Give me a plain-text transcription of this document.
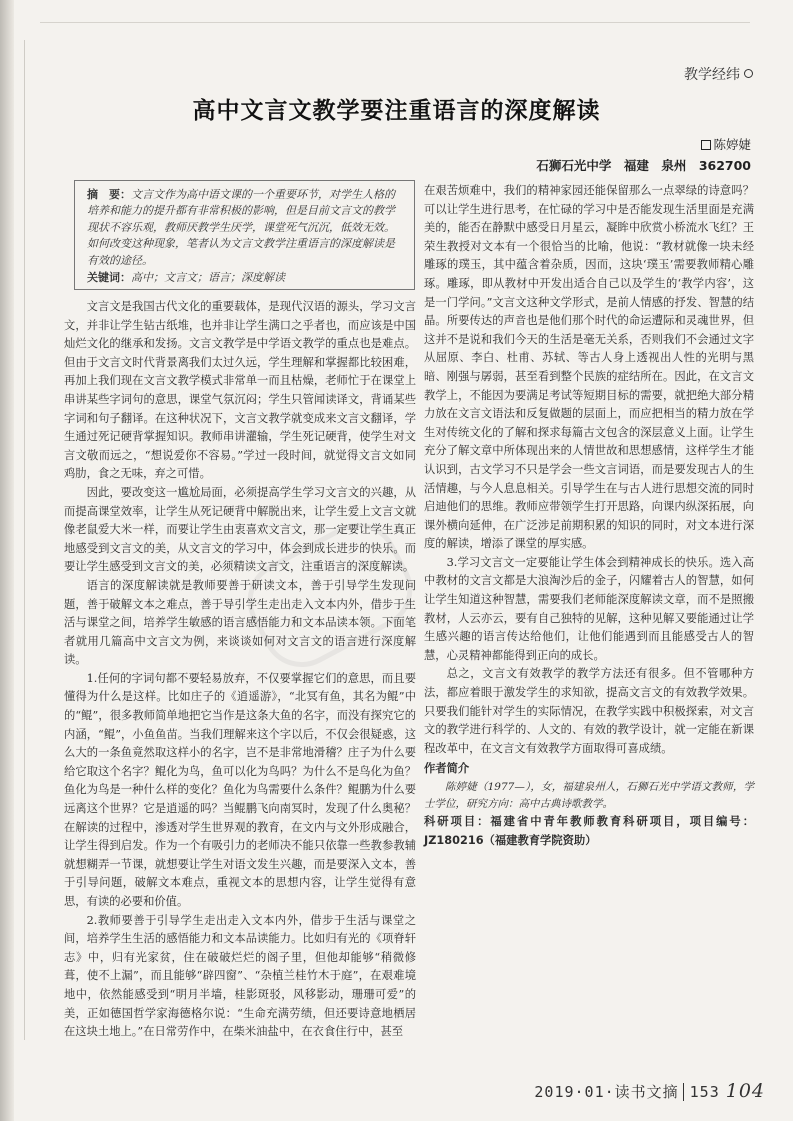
教学经纬
高中文言文教学要注重语言的深度解读
陈婷婕
石狮石光中学　福建　泉州　362700
摘　要：文言文作为高中语文课的一个重要环节，对学生人格的培养和能力的提升都有非常积极的影响，但是目前文言文的教学现状不容乐观，教师厌教学生厌学，课堂死气沉沉，低效无效。如何改变这种现象，笔者认为文言文教学注重语言的深度解读是有效的途径。
关键词：高中；文言文；语言；深度解读

文言文是我国古代文化的重要载体，是现代汉语的源头，学习文言文，并非让学生钻古纸堆，也并非让学生满口之乎者也，而应该是中国灿烂文化的继承和发扬。文言文教学是中学语文教学的重点也是难点。但由于文言文时代背景离我们太过久远，学生理解和掌握都比较困难，再加上我们现在文言文教学模式非常单一而且枯燥，老师忙于在课堂上串讲某些字词句的意思，课堂气氛沉闷；学生只管闻读译文，背诵某些字词和句子翻译。在这种状况下，文言文教学就变成来文言文翻译，学生通过死记硬背掌握知识。教师串讲灌输，学生死记硬背，使学生对文言文敬而远之，“想说爱你不容易。”学过一段时间，就觉得文言文如同鸡肋，食之无味，弃之可惜。

因此，要改变这一尴尬局面，必须提高学生学习文言文的兴趣，从而提高课堂效率，让学生从死记硬背中解脱出来，让学生爱上文言文就像老鼠爱大米一样，而要让学生由衷喜欢文言文，那一定要让学生真正地感受到文言文的美，从文言文的学习中，体会到成长进步的快乐。而要让学生感受到文言文的美，必须精读文言文，注重语言的深度解读。

语言的深度解读就是教师要善于研读文本，善于引导学生发现问题，善于破解文本之难点，善于导引学生走出走入文本内外，借步于生活与课堂之间，培养学生敏感的语言感悟能力和文本品读本领。下面笔者就用几篇高中文言文为例，来谈谈如何对文言文的语言进行深度解读。

1.任何的字词句都不要轻易放弃，不仅要掌握它们的意思，而且要懂得为什么是这样。比如庄子的《逍遥游》，“北冥有鱼，其名为鲲”中的“鲲”，很多教师简单地把它当作是这条大鱼的名字，而没有探究它的内涵，“鲲”，小鱼鱼苗。当我们理解来这个字以后，不仅会很疑惑，这么大的一条鱼竟然取这样小的名字，岂不是非常地滑稽？庄子为什么要给它取这个名字？鲲化为鸟，鱼可以化为鸟吗？为什么不是鸟化为鱼？鱼化为鸟是一种什么样的变化？鱼化为鸟需要什么条件？鲲鹏为什么要远离这个世界？它是逍遥的吗？当鲲鹏飞向南冥时，发现了什么奥秘？在解读的过程中，渗透对学生世界观的教育，在文内与文外形成融合，让学生得到启发。作为一个有吸引力的老师决不能只依靠一些教参教辅就想糊弄一节课，就想要让学生对语文发生兴趣，而是要深入文本，善于引导问题，破解文本难点，重视文本的思想内容，让学生觉得有意思，有读的必要和价值。

2.教师要善于引导学生走出走入文本内外，借步于生活与课堂之间，培养学生生活的感悟能力和文本品读能力。比如归有光的《项脊轩志》中，归有光家贫，住在破破烂烂的阁子里，但他却能够“稍微修葺，使不上漏”，而且能够“辟四窗”、“杂植兰桂竹木于庭”，在艰难境地中，依然能感受到“明月半墙，桂影斑驳，风移影动，珊珊可爱”的美，正如德国哲学家海德格尔说：“生命充满劳绩，但还要诗意地栖居在这块土地上。”在日常劳作中，在柴米油盐中，在衣食住行中，甚至

在艰苦烦难中，我们的精神家园还能保留那么一点翠绿的诗意吗？可以让学生进行思考，在忙碌的学习中是否能发现生活里面是充满美的，能否在静默中感受日月星云，凝眸中欣赏小桥流水飞红？王荣生教授对文本有一个很恰当的比喻，他说：“教材就像一块未经雕琢的璞玉，其中蕴含着杂质，因而，这块‘璞玉’需要教师精心雕琢。雕琢，即从教材中开发出适合自己以及学生的‘教学内容’，这是一门学问。”文言文这种文学形式，是前人情感的抒发、智慧的结晶。所要传达的声音也是他们那个时代的命运遭际和灵魂世界，但这并不是说和我们今天的生活是毫无关系，否则我们不会通过文字从屈原、李白、杜甫、苏轼、等古人身上透视出人性的光明与黑暗、刚强与孱弱，甚至看到整个民族的症结所在。因此，在文言文教学上，不能因为要满足考试等短期目标的需要，就把绝大部分精力放在文言文语法和反复做题的层面上，而应把相当的精力放在学生对传统文化的了解和探求每篇古文包含的深层意义上面。让学生充分了解文章中所体现出来的人情世故和思想感情，这样学生才能认识到，古文学习不只是学会一些文言词语，而是要发现古人的生活情趣，与今人息息相关。引导学生在与古人进行思想交流的同时启迪他们的思维。教师应带领学生打开思路，向课内纵深拓展，向课外横向延伸，在广泛涉足前期积累的知识的同时，对文本进行深度的解读，增添了课堂的厚实感。

3.学习文言文一定要能让学生体会到精神成长的快乐。选入高中教材的文言文都是大浪淘沙后的金子，闪耀着古人的智慧，如何让学生知道这种智慧，需要我们老师能深度解读文章，而不是照搬教材，人云亦云，要有自己独特的见解，这种见解又要能通过让学生感兴趣的语言传达给他们，让他们能遇到而且能感受古人的智慧，心灵精神都能得到正向的成长。

总之，文言文有效教学的教学方法还有很多。但不管哪种方法，都应着眼于激发学生的求知欲，提高文言文的有效教学效果。只要我们能针对学生的实际情况，在教学实践中积极探索，对文言文的教学进行科学的、人文的、有效的教学设计，就一定能在新课程改革中，在文言文有效教学方面取得可喜成绩。

作者简介

陈婷婕（1977—），女，福建泉州人，石狮石光中学语文教师，学士学位，研究方向：高中古典诗歌教学。

科研项目：福建省中青年教师教育科研项目，项目编号：JZ180216（福建教育学院资助）

2019·01·读书文摘 153 104
